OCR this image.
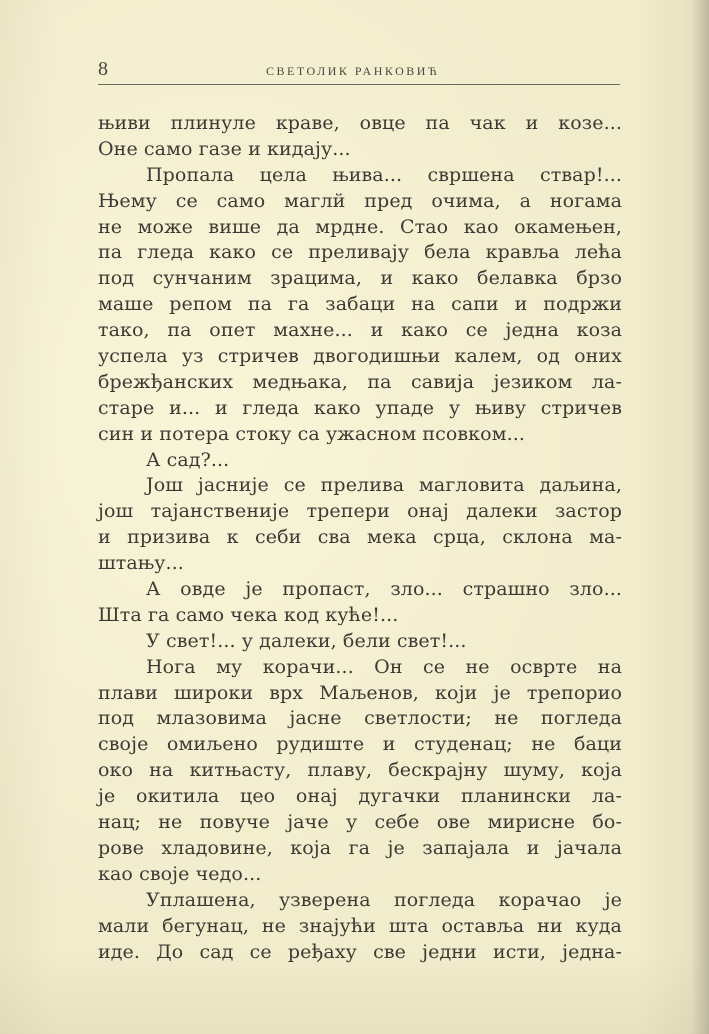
8	СВЕТОЛИК РАНКОВИЋ
њиви плинуле краве, овце па чак и козе...
Оне само газе и кидају...
Пропала цела њива... свршена ствар!...
Њему се само маглй пред очима, а ногама
не може више да мрдне. Стао као окамењен,
па гледа како се преливају бела крављa лећа
под сунчаним зрацима, и како белавка брзо
маше репом па га забаци на сапи и подржи
тако, па опет махне... и како се једна коза
успела уз стричев двогодишњи калем, од оних
брежђанских медњака, па савија језиком ла-
старе и... и гледа како упаде у њиву стричев
син и потера стоку са ужасном псовком...
А сад?...
Још јасније се прелива магловита даљина,
још тајанственије трепери онај далеки застор
и призива к себи сва мека срца, склона ма-
штању...
А овде је пропаст, зло... страшно зло...
Шта га само чека код куће!...
У свет!... у далеки, бели свет!...
Нога му корачи... Он се не осврте на
плави широки врх Маљенов, који је трепорио
под млазовима јасне светлости; не погледа
своје омиљено рудиште и студенац; не баци
око на китњасту, плаву, бескрајну шуму, која
је окитила цео онај дугачки планински ла-
нац; не повуче јаче у себе ове мирисне бо-
рове хладовине, која га је запајала и јачала
као своје чедо...
Уплашена, узверена погледа корачао је
мали бегунац, не знајући шта оставља ни куда
иде. До сад се ређаху све једни исти, једна-
